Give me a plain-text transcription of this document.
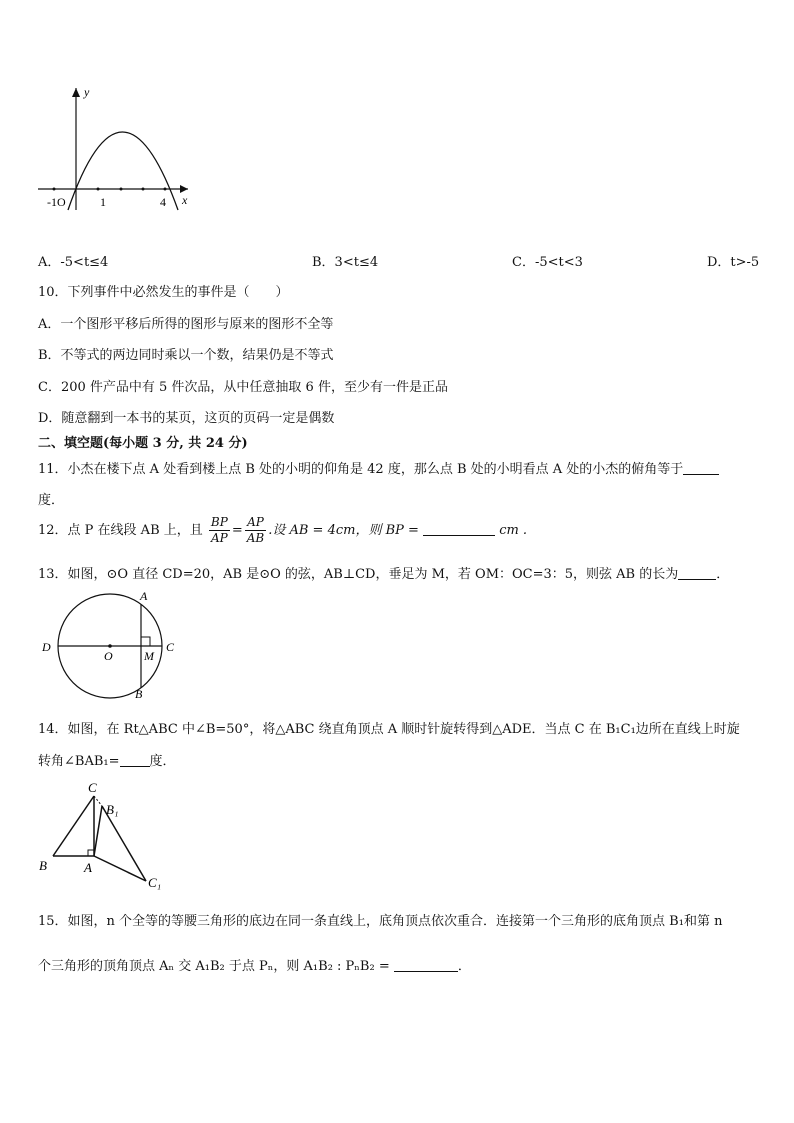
y
x
-1O	1	4
A．-5<t≤4	B．3<t≤4	C．-5<t<3	D．t>-5
10．下列事件中必然发生的事件是（　　）
A．一个图形平移后所得的图形与原来的图形不全等
B．不等式的两边同时乘以一个数，结果仍是不等式
C．200 件产品中有 5 件次品，从中任意抽取 6 件，至少有一件是正品
D．随意翻到一本书的某页，这页的页码一定是偶数
二、填空题(每小题 3 分, 共 24 分)
11．小杰在楼下点 A 处看到楼上点 B 处的小明的仰角是 42 度，那么点 B 处的小明看点 A 处的小杰的俯角等于
度．
12．点 P 在线段 AB 上，且 $\frac{BP}{AP} = \frac{AP}{AB}$ .设 AB = 4cm，则 BP =	cm .
13．如图，⊙O 直径 CD=20，AB 是⊙O 的弦，AB⊥CD，垂足为 M，若 OM：OC=3：5，则弦 AB 的长为	．
A
B
C
D
O	M
14．如图，在 Rt△ABC 中∠B=50°，将△ABC 绕直角顶点 A 顺时针旋转得到△ADE．当点 C 在 B₁C₁边所在直线上时旋
转角∠BAB₁= 度．
C
B₁
B	A
C₁
15．如图，n 个全等的等腰三角形的底边在同一条直线上，底角顶点依次重合．连接第一个三角形的底角顶点 B₁和第 n
个三角形的顶角顶点 Aₙ 交 A₁B₂ 于点 Pₙ，则 A₁B₂ : PₙB₂ =	．
